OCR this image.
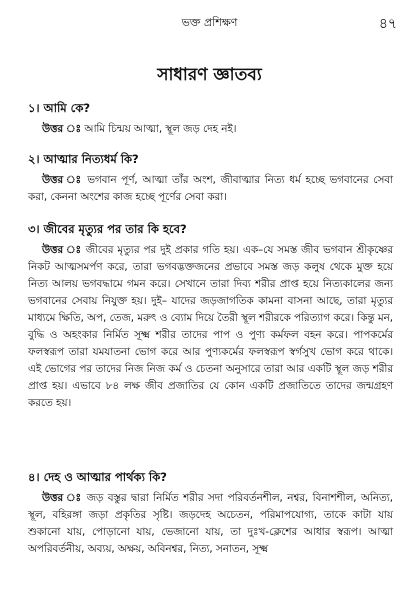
ভক্ত প্রশিক্ষণ	৪৭
সাধারণ জ্ঞাতব্য
১। আমি কে?
উত্তর ঃ আমি চিন্ময় আত্মা, স্থূল জড় দেহ নই।
২। আত্মার নিত্যধর্ম কি?
উত্তর ঃ ভগবান পূর্ণ, আত্মা তাঁর অংশ, জীবাত্মার নিত্য ধর্ম হচ্ছে ভগবানের সেবা করা, কেননা অংশের কাজ হচ্ছে পূর্ণের সেবা করা।
৩। জীবের মৃত্যুর পর তার কি হবে?
উত্তর ঃ জীবের মৃত্যুর পর দুই প্রকার গতি হয়। এক–যে সমস্ত জীব ভগবান শ্রীকৃষ্ণের নিকট আত্মসমর্পণ করে, তারা ভগবদ্ভক্তজনের প্রভাবে সমস্ত জড় কলুষ থেকে মুক্ত হয়ে নিত্য আলয় ভগবদ্ধামে গমন করে। সেখানে তারা দিব্য শরীর প্রাপ্ত হয়ে নিত্যকালের জন্য ভগবানের সেবায় নিযুক্ত হয়। দুই– যাদের জড়জাগতিক কামনা বাসনা আছে, তারা মৃত্যুর মাধ্যমে ক্ষিতি, অপ, তেজ, মরুৎ ও ব্যোম দিয়ে তৈরী স্থূল শরীরকে পরিত্যাগ করে। কিন্তু মন, বুদ্ধি ও অহংকার নির্মিত সূক্ষ্ম শরীর তাদের পাপ ও পুণ্য কর্মফল বহন করে। পাপকর্মের ফলস্বরূপ তারা যমযাতনা ভোগ করে আর পুণ্যকর্মের ফলস্বরূপ স্বর্গসুখ ভোগ করে থাকে। এই ভোগের পর তাদের নিজ নিজ কর্ম ও চেতনা অনুসারে তারা আর একটি স্থূল জড় শরীর প্রাপ্ত হয়। এভাবে ৮৪ লক্ষ জীব প্রজাতির যে কোন একটি প্রজাতিতে তাদের জন্মগ্রহণ করতে হয়।
৪। দেহ ও আত্মার পার্থক্য কি?
উত্তর ঃ জড় বস্তুর দ্বারা নির্মিত শরীর সদা পরিবর্তনশীল, নশ্বর, বিনাশশীল, অনিত্য, স্থূল, বহিরঙ্গা জড়া প্রকৃতির সৃষ্টি। জড়দেহ অচেতন, পরিমাপযোগ্য, তাকে কাটা যায় শুকানো যায়, পোড়ানো যায়, ভেজানো যায়, তা দুঃখ-ক্লেশের আধার স্বরূপ। আত্মা অপরিবর্তনীয়, অব্যয়, অক্ষয়, অবিনশ্বর, নিত্য, সনাতন, সূক্ষ্ম
